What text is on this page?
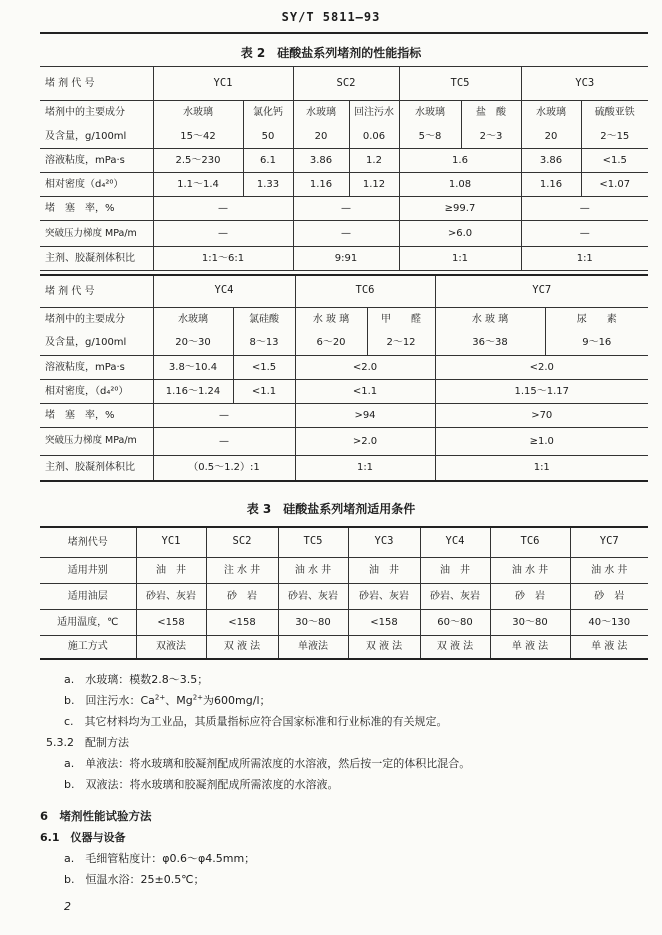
SY/T 5811—93
表 2　硅酸盐系列堵剂的性能指标
堵 剂 代 号	YC1		SC2		TC5		YC3	
堵剂中的主要成分	水玻璃	氯化钙	水玻璃	回注污水	水玻璃	盐　酸	水玻璃	硫酸亚铁
及含量，g/100ml	15～42	50	20	0.06	5～8	2～3	20	2～15
溶液粘度，mPa·s	2.5～230	6.1	3.86	1.2	1.6		3.86	<1.5
相对密度（d₄²⁰）	1.1～1.4	1.33	1.16	1.12	1.08		1.16	<1.07
堵　塞　率，%	—		—		≥99.7		—	
突破压力梯度 MPa/m	—		—		>6.0		—	
主剂、胶凝剂体积比	1:1～6:1		9:91		1:1		1:1	
堵 剂 代 号	YC4		TC6		YC7	
堵剂中的主要成分	水玻璃	氯硅酸	水 玻 璃	甲　　醛	水 玻 璃	尿　　素
及含量，g/100ml	20～30	8～13	6～20	2～12	36～38	9～16
溶液粘度，mPa·s	3.8～10.4	<1.5	<2.0		<2.0	
相对密度，（d₄²⁰）	1.16～1.24	<1.1	<1.1		1.15～1.17	
堵　塞　率，%	—		>94		>70	
突破压力梯度 MPa/m	—		>2.0		≥1.0	
主剂、胶凝剂体积比	（0.5～1.2）:1		1:1		1:1	
表 3　硅酸盐系列堵剂适用条件
堵剂代号	YC1	SC2	TC5	YC3	YC4	TC6	YC7
适用井别	油　井	注 水 井	油 水 井	油　井	油　井	油 水 井	油 水 井
适用油层	砂岩、灰岩	砂　岩	砂岩、灰岩	砂岩、灰岩	砂岩、灰岩	砂　岩	砂　岩
适用温度，℃	<158	<158	30～80	<158	60～80	30～80	40～130
施工方式	双液法	双 液 法	单液法	双 液 法	双 液 法	单 液 法	单 液 法
a.　水玻璃：模数2.8～3.5；
b.　回注污水：$Ca^{2+}$、$Mg^{2+}$为600mg/l；
c.　其它材料均为工业品，其质量指标应符合国家标准和行业标准的有关规定。
5.3.2　配制方法
a.　单液法：将水玻璃和胶凝剂配成所需浓度的水溶液，然后按一定的体积比混合。
b.　双液法：将水玻璃和胶凝剂配成所需浓度的水溶液。
6　堵剂性能试验方法
6.1　仪器与设备
a.　毛细管粘度计：φ0.6～φ4.5mm；
b.　恒温水浴：25±0.5℃；
2
